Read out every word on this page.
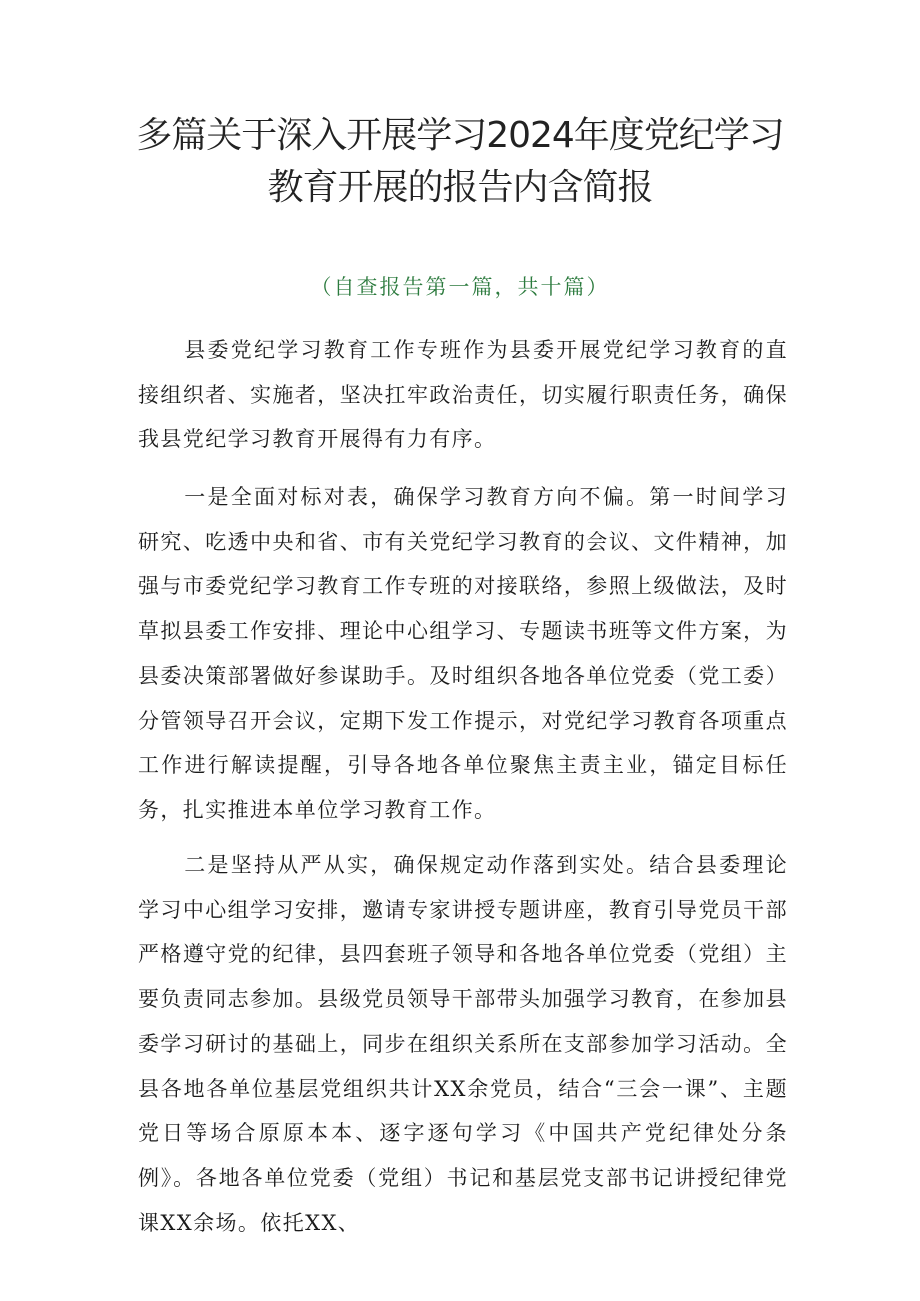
多篇关于深入开展学习2024年度党纪学习
教育开展的报告内含简报
（自查报告第一篇，共十篇）

县委党纪学习教育工作专班作为县委开展党纪学习教育的直接组织者、实施者，坚决扛牢政治责任，切实履行职责任务，确保我县党纪学习教育开展得有力有序。

一是全面对标对表，确保学习教育方向不偏。第一时间学习研究、吃透中央和省、市有关党纪学习教育的会议、文件精神，加强与市委党纪学习教育工作专班的对接联络，参照上级做法，及时草拟县委工作安排、理论中心组学习、专题读书班等文件方案，为县委决策部署做好参谋助手。及时组织各地各单位党委（党工委）分管领导召开会议，定期下发工作提示，对党纪学习教育各项重点工作进行解读提醒，引导各地各单位聚焦主责主业，锚定目标任务，扎实推进本单位学习教育工作。

二是坚持从严从实，确保规定动作落到实处。结合县委理论学习中心组学习安排，邀请专家讲授专题讲座，教育引导党员干部严格遵守党的纪律，县四套班子领导和各地各单位党委（党组）主要负责同志参加。县级党员领导干部带头加强学习教育，在参加县委学习研讨的基础上，同步在组织关系所在支部参加学习活动。全县各地各单位基层党组织共计XX余党员，结合“三会一课”、主题党日等场合原原本本、逐字逐句学习《中国共产党纪律处分条例》。各地各单位党委（党组）书记和基层党支部书记讲授纪律党课XX余场。依托XX、
